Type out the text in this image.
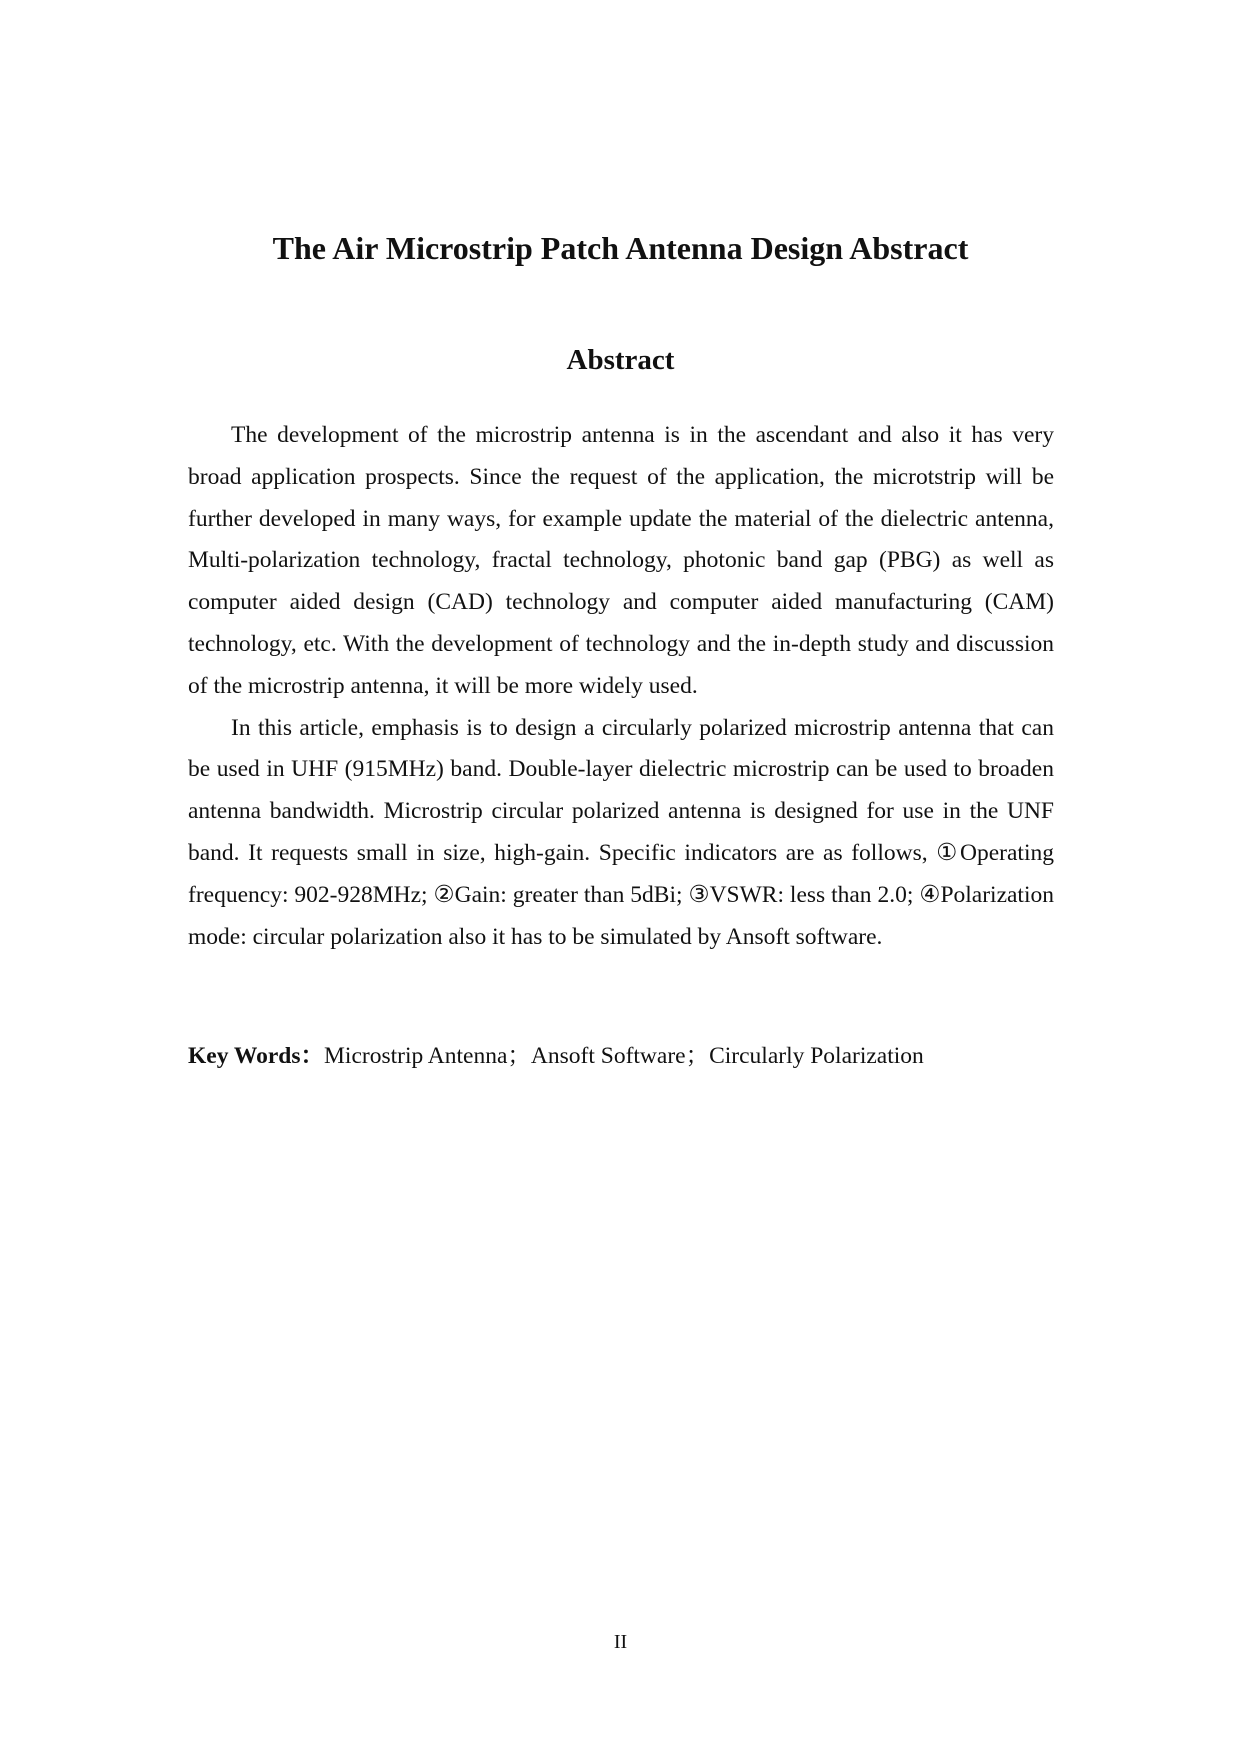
The Air Microstrip Patch Antenna Design Abstract
Abstract

The development of the microstrip antenna is in the ascendant and also it has very broad application prospects. Since the request of the application, the microtstrip will be further developed in many ways, for example update the material of the dielectric antenna, Multi-polarization technology, fractal technology, photonic band gap (PBG) as well as computer aided design (CAD) technology and computer aided manufacturing (CAM) technology, etc. With the development of technology and the in-depth study and discussion of the microstrip antenna, it will be more widely used.

In this article, emphasis is to design a circularly polarized microstrip antenna that can be used in UHF (915MHz) band. Double-layer dielectric microstrip can be used to broaden antenna bandwidth. Microstrip circular polarized antenna is designed for use in the UNF band. It requests small in size, high-gain. Specific indicators are as follows, ①Operating frequency: 902-928MHz; ②Gain: greater than 5dBi; ③VSWR: less than 2.0; ④Polarization mode: circular polarization also it has to be simulated by Ansoft software.

Key Words：Microstrip Antenna；Ansoft Software；Circularly Polarization
II
